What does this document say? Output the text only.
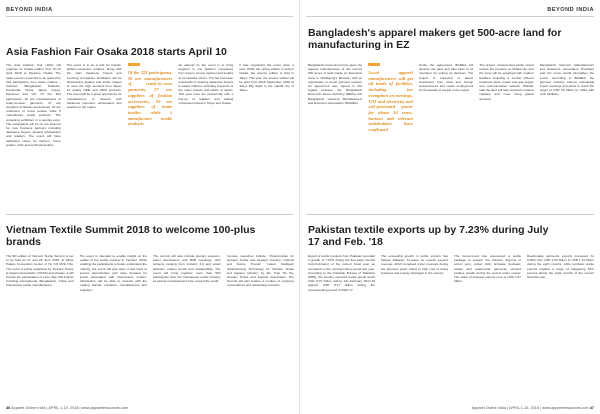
BEYOND INDIA
Asia Fashion Fair Osaka 2018 starts April 10
The Asia Fashion Fair (AFF) will organise its Osaka edition from 10-12 April 2018 at Mydome Osaka. The trade event is expected to be graced by 323 participants from Asian nations – Vietnam, Bangladesh, Pakistan, Cambodia, China, Japan, Korea, Myanmar and UK. Of the 323 participants, 20 are manufacturers of ready-to-wear garments, 27 are suppliers of fashion accessories, 20 are producers of home textiles while 5 manufacture textile products. The remaining exhibitors in a sample expo. The participants will be on the look-out for new business partners including Japanese buyers, apparel wholesalers and retailers. The event will have dedicated zones for fashion, home textiles, knits and technical textiles.
The event is to be a hub for brands, fashion-conscious retailers, along with the main Japanese buyers and sourcing companies. Exhibitors will be showcasing apparel and textile ranges to meet the high demand from Japan for quality OEM and ODM products. The event will be a great opportunity for manufacturers to network with Japanese importers, wholesalers and retailers in the region.
Of the 323 participants, 20 are manufacturers of ready-to-wear garments, 27 are suppliers of fashion accessories, 20 are suppliers of home textiles while 5 manufacture textile products
An attempt by the event is to bring together in one platform companies from Asia to source apparel and textiles at competitive prices. The fair has been successful in drawing Japanese buyers in earlier editions, including importers of the major brands and labels of Japan. This year sees the partnership with a line-up of retailers and trading companies based in Tokyo and Osaka.
It was organising the event twice a year. While the spring edition is held in Osaka, the autumn edition is held in Tokyo. This year, the autumn edition will be held from 2018 September 2018 at Tokyo Big Sight in the capital city of Tokyo.
Vietnam Textile Summit 2018 to welcome 100-plus brands
The 6th edition of Vietnam Textile Summit is set to be held on 27 and 28 June 2018, at White Palace Convention Center in Ho Chi Minh City. The event is jointly organized by Vietnam Textile & Apparel Association (VITAS) and Vinatex. It will include the participation of more than 100 brands including international, Bangladesh, China and Vietnamese textile manufacturers.
The event is intended to enable insight on the update of the textile industry in Vietnam. While enabling the participants to better understand the industry, the event will give them a fast track to access opportunities and raise demand for goods associated with Vietnamese textiles. Participants will be able to network with the leading brands, investors, manufacturers and suppliers.
The summit will also include plenary sessions, panel discussions and B2B meetings, with subjects ranging from Industry 4.0 and smart factories, market trends and sustainability. The event will bring together more than 500 participants from the Vietnamese textile industry as well as manufacturers from around the world.
Keynote speeches include: 'Opportunities for Vietnam Textile and Apparel Industry: Outlook and Future Trends', 'Latest Intelligent Manufacturing Technology for Vietnam Textile and Apparel Industry' by Ms. Tran Thi Ha, Vietnam Textile and Apparel Association. The Summit will also feature a number of company presentations and networking sessions.
46 Apparel Online India | APRIL 1-15, 2018 | www.apparelresources.com
BEYOND INDIA
Bangladesh's apparel makers get 500-acre land for manufacturing in EZ
Bangladesh Government has given the apparel manufacturers of the country 500 acres of land inside an Economic Zone in Chittagong's Mirsarai, with an expectation to boost garment exports. An agreement was signed in this regard between the Bangladesh Economic Zones Authority (BEZA) and Bangladesh Garment Manufacturers and Exporters Association (BGMEA).
Local apparel manufacturers will get all kinds of facilities, including tax exemption on earnings, VAT and electricity and self-generated power for about 10 years, horizon and relevant stakeholders have confirmed
Under the agreement, BGMEA will develop the land and allot plots to its members for setting up factories. The project is expected to attract investment from local and foreign entrepreneurs and create employment for thousands of people in the region.
The project, implemented jointly, would reduce the pressure on Dhaka city, and the zone will be equipped with modern facilities including a central effluent treatment plant, power and gas supply and communication network. Officials said the land will help exporters expand capacity and meet rising global demand.
Bangladesh Garment Manufacturers and Exporters Association President said the move would strengthen the sector. According to BGMEA, the garment industry earned substantial export earnings and plans to reach the target of USD 50 billion by 2021 with such facilities.
Pakistan textile exports up by 7.23% during July 17 and Feb. '18
Export of textile products from Pakistan recorded a growth of 7.23% during the first eight months (July-February) of the current fiscal year, as compared to the corresponding period last year. According to the Pakistan Bureau of Statistics (PBS), the country exported textile goods worth USD 8.76 billion during July-February 2017-18 against USD 8.17 billion during the corresponding period of 2016-17.
The exceeding growth in textile exports has helped Pakistan increase its overall exports revenue, which remained under pressure during the previous years owing to high cost of doing business and energy shortages in the country.
The Government has announced a textile package to support the industry. Exports of cotton yarn, cotton cloth, knitwear, bedwear, towels and readymade garments showed positive growth during the period under review. The value of knitwear exports rose to USD 1.87 billion.
Readymade garments exports increased by 9.30% from USD 1.59 billion to USD 1.74 billion during the eight months, while synthetic textile exports marked a surge of staggering 64% percent during the eight months of the current financial year.
Apparel Online India | APRIL 1-15, 2018 | www.apparelresources.com 47
